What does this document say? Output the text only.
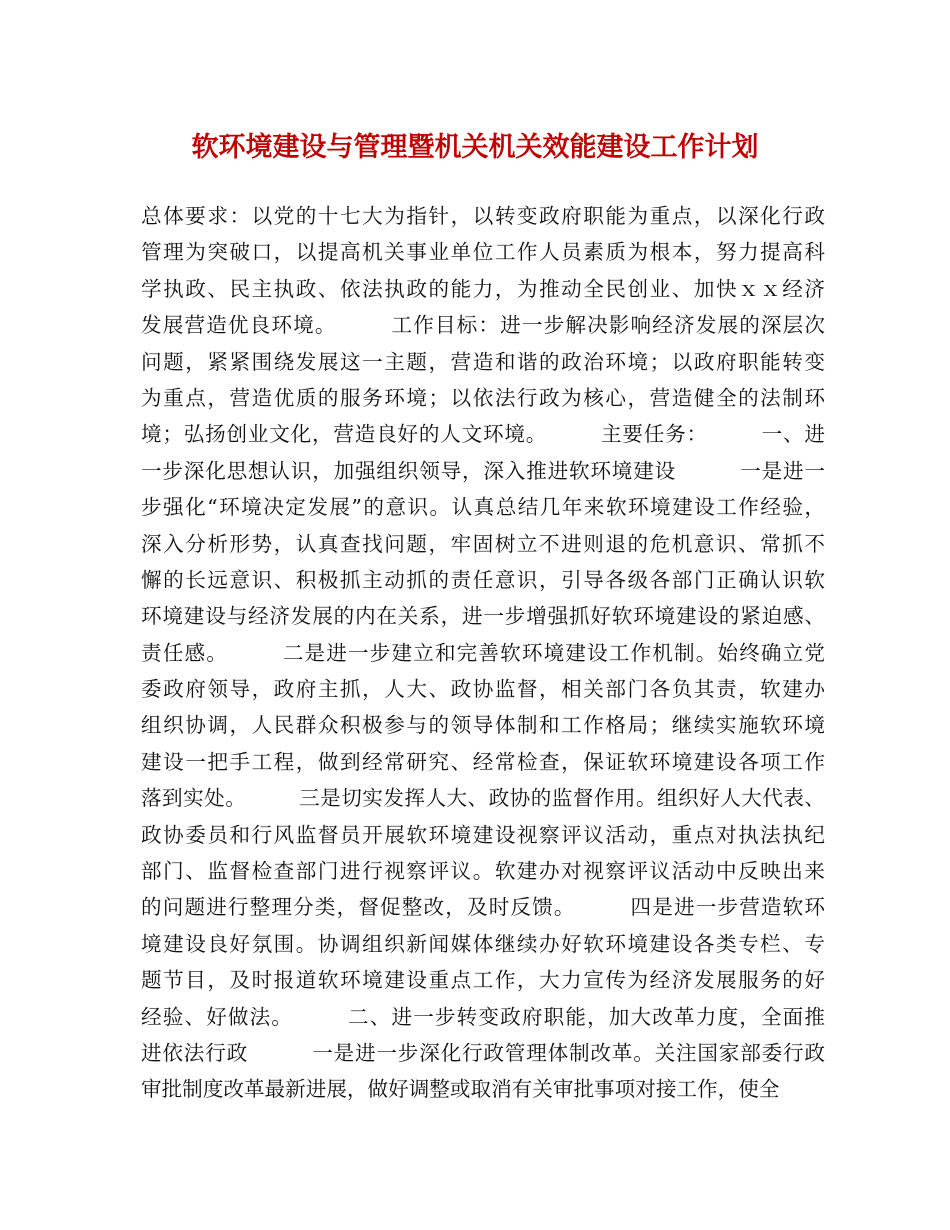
软环境建设与管理暨机关机关效能建设工作计划
总体要求：以党的十七大为指针，以转变政府职能为重点，以深化行政
管理为突破口，以提高机关事业单位工作人员素质为根本，努力提高科
学执政、民主执政、依法执政的能力，为推动全民创业、加快ｘｘ经济
发展营造优良环境。　　　工作目标：进一步解决影响经济发展的深层次
问题，紧紧围绕发展这一主题，营造和谐的政治环境；以政府职能转变
为重点，营造优质的服务环境；以依法行政为核心，营造健全的法制环
境；弘扬创业文化，营造良好的人文环境。　　　主要任务：　　　一、进
一步深化思想认识，加强组织领导，深入推进软环境建设　　　一是进一
步强化“环境决定发展”的意识。认真总结几年来软环境建设工作经验，
深入分析形势，认真查找问题，牢固树立不进则退的危机意识、常抓不
懈的长远意识、积极抓主动抓的责任意识，引导各级各部门正确认识软
环境建设与经济发展的内在关系，进一步增强抓好软环境建设的紧迫感、
责任感。　　　二是进一步建立和完善软环境建设工作机制。始终确立党
委政府领导，政府主抓，人大、政协监督，相关部门各负其责，软建办
组织协调，人民群众积极参与的领导体制和工作格局；继续实施软环境
建设一把手工程，做到经常研究、经常检查，保证软环境建设各项工作
落到实处。　　　三是切实发挥人大、政协的监督作用。组织好人大代表、
政协委员和行风监督员开展软环境建设视察评议活动，重点对执法执纪
部门、监督检查部门进行视察评议。软建办对视察评议活动中反映出来
的问题进行整理分类，督促整改，及时反馈。　　　四是进一步营造软环
境建设良好氛围。协调组织新闻媒体继续办好软环境建设各类专栏、专
题节目，及时报道软环境建设重点工作，大力宣传为经济发展服务的好
经验、好做法。　　　二、进一步转变政府职能，加大改革力度，全面推
进依法行政　　　一是进一步深化行政管理体制改革。关注国家部委行政
审批制度改革最新进展，做好调整或取消有关审批事项对接工作，使全
